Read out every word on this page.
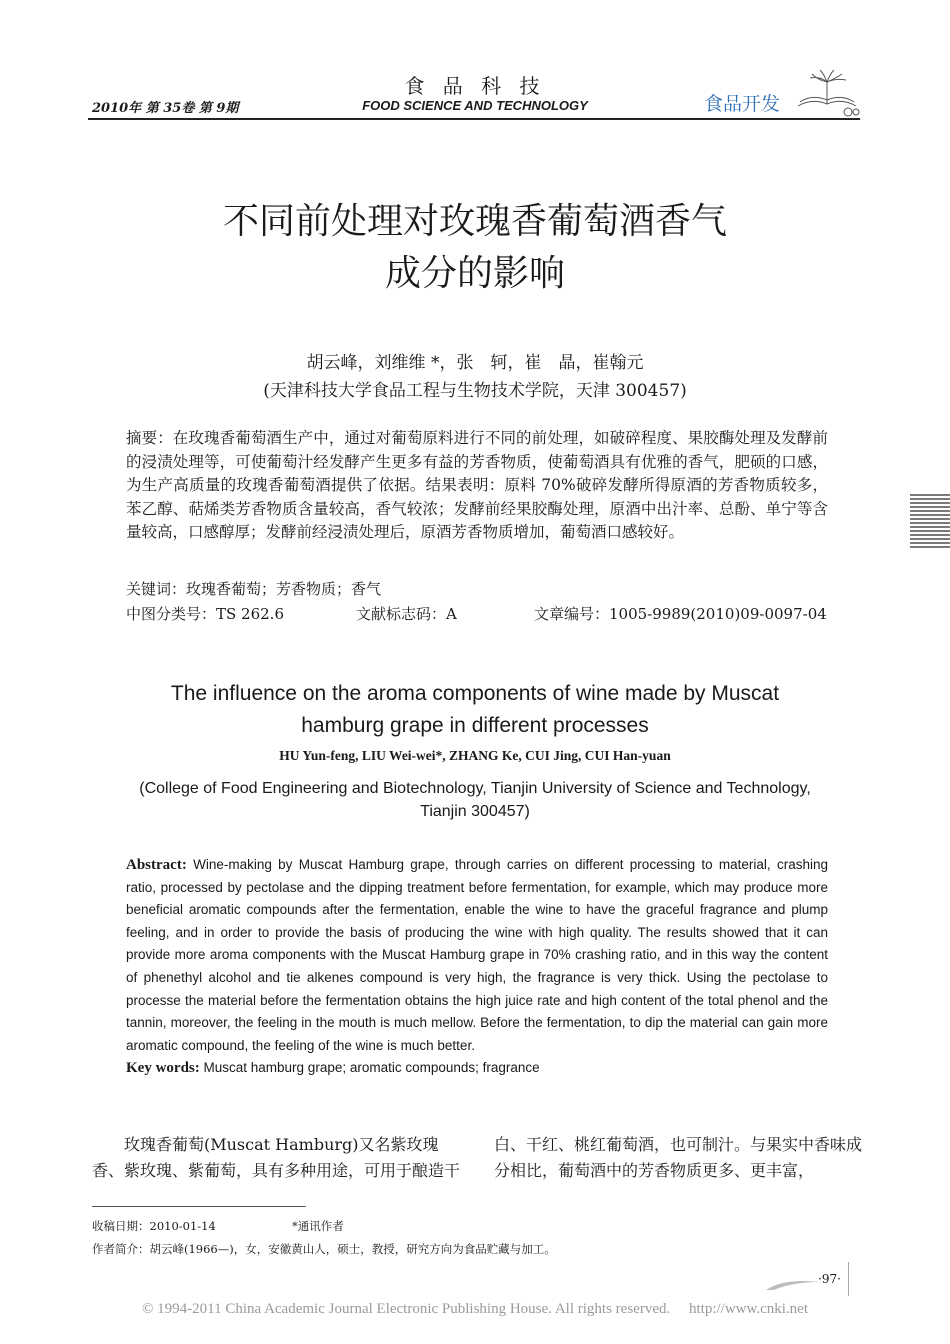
2010年 第 35卷 第 9期
食 品 科 技
FOOD SCIENCE AND TECHNOLOGY	食品开发
不同前处理对玫瑰香葡萄酒香气
成分的影响
胡云峰，刘维维 *，张　轲，崔　晶，崔翰元
(天津科技大学食品工程与生物技术学院，天津 300457)
摘要：在玫瑰香葡萄酒生产中，通过对葡萄原料进行不同的前处理，如破碎程度、果胶酶处理及发酵前的浸渍处理等，可使葡萄汁经发酵产生更多有益的芳香物质，使葡萄酒具有优雅的香气，肥硕的口感，为生产高质量的玫瑰香葡萄酒提供了依据。结果表明：原料 70%破碎发酵所得原酒的芳香物质较多，苯乙醇、萜烯类芳香物质含量较高，香气较浓；发酵前经果胶酶处理，原酒中出汁率、总酚、单宁等含量较高，口感醇厚；发酵前经浸渍处理后，原酒芳香物质增加，葡萄酒口感较好。
关键词：玫瑰香葡萄；芳香物质；香气
中图分类号：TS 262.6	文献标志码：A	文章编号：1005-9989(2010)09-0097-04
The influence on the aroma components of wine made by Muscat
hamburg grape in different processes
HU Yun-feng, LIU Wei-wei*, ZHANG Ke, CUI Jing, CUI Han-yuan
(College of Food Engineering and Biotechnology, Tianjin University of Science and Technology,
Tianjin 300457)
Abstract: Wine-making by Muscat Hamburg grape, through carries on different processing to material, crashing ratio, processed by pectolase and the dipping treatment before fermentation, for example, which may produce more beneficial aromatic compounds after the fermentation, enable the wine to have the graceful fragrance and plump feeling, and in order to provide the basis of producing the wine with high quality. The results showed that it can provide more aroma components with the Muscat Hamburg grape in 70% crashing ratio, and in this way the content of phenethyl alcohol and tie alkenes compound is very high, the fragrance is very thick. Using the pectolase to processe the material before the fermentation obtains the high juice rate and high content of the total phenol and the tannin, moreover, the feeling in the mouth is much mellow. Before the fermentation, to dip the material can gain more aromatic compound, the feeling of the wine is much better.
Key words: Muscat hamburg grape; aromatic compounds; fragrance
玫瑰香葡萄(Muscat Hamburg)又名紫玫瑰香、紫玫瑰、紫葡萄，具有多种用途，可用于酿造干
白、干红、桃红葡萄酒，也可制汁。与果实中香味成分相比，葡萄酒中的芳香物质更多、更丰富，
收稿日期：2010-01-14	*通讯作者
作者简介：胡云峰(1966—)，女，安徽黄山人，硕士，教授，研究方向为食品贮藏与加工。
·97·
© 1994-2011 China Academic Journal Electronic Publishing House. All rights reserved.　 http://www.cnki.net
